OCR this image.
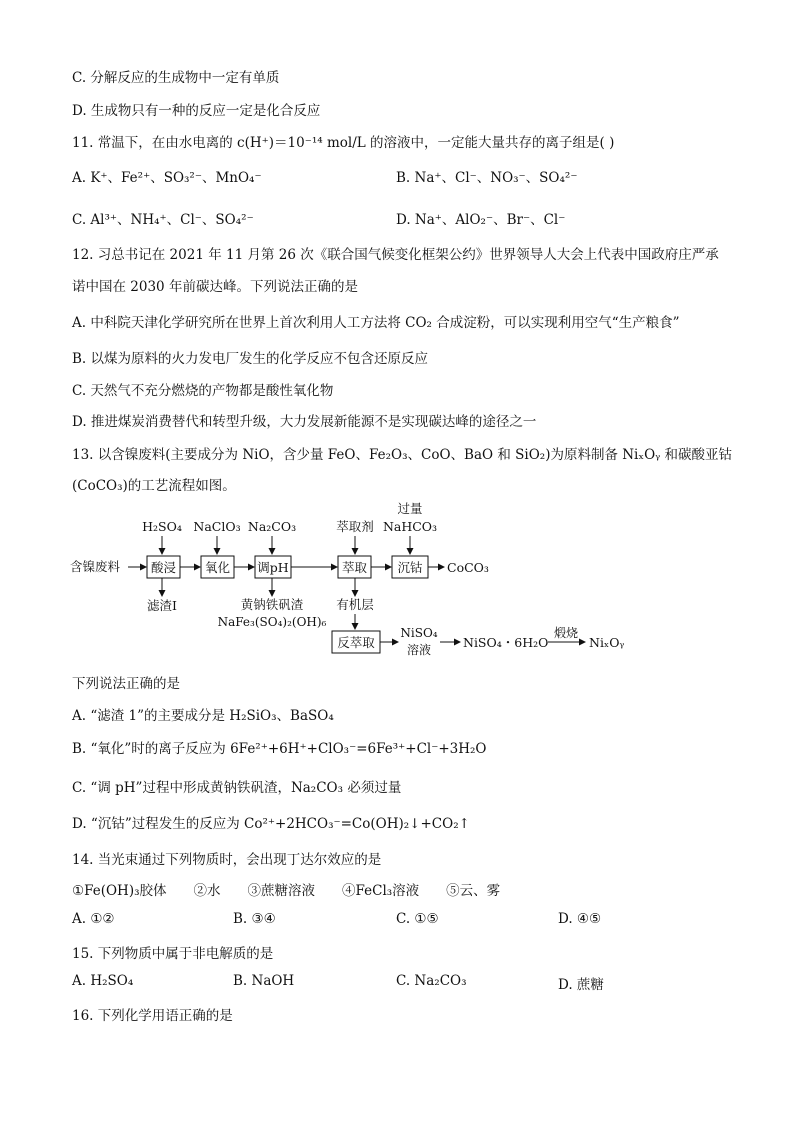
C. 分解反应的生成物中一定有单质
D. 生成物只有一种的反应一定是化合反应
11. 常温下，在由水电离的 c(H⁺)＝10⁻¹⁴ mol/L 的溶液中，一定能大量共存的离子组是( )
A. K⁺、Fe²⁺、SO₃²⁻、MnO₄⁻	B. Na⁺、Cl⁻、NO₃⁻、SO₄²⁻
C. Al³⁺、NH₄⁺、Cl⁻、SO₄²⁻	D. Na⁺、AlO₂⁻、Br⁻、Cl⁻
12. 习总书记在 2021 年 11 月第 26 次《联合国气候变化框架公约》世界领导人大会上代表中国政府庄严承
诺中国在 2030 年前碳达峰。下列说法正确的是
A. 中科院天津化学研究所在世界上首次利用人工方法将 CO₂ 合成淀粉，可以实现利用空气“生产粮食”
B. 以煤为原料的火力发电厂发生的化学反应不包含还原反应
C. 天然气不充分燃烧的产物都是酸性氧化物
D. 推进煤炭消费替代和转型升级，大力发展新能源不是实现碳达峰的途径之一
13. 以含镍废料(主要成分为 NiO，含少量 FeO、Fe₂O₃、CoO、BaO 和 SiO₂)为原料制备 NiₓOᵧ 和碳酸亚钴
(CoCO₃)的工艺流程如图。
H₂SO₄ NaClO₃ Na₂CO₃	萃取剂
过量
NaHCO₃
含镍废料 酸浸 氧化 调pH	萃取 沉钴 CoCO₃
滤渣Ⅰ	黄钠铁矾渣
NaFe₃(SO₄)₂(OH)₆
有机层
反萃取
NiSO₄
溶液	NiSO₄・6H₂O
煅烧
NiₓOᵧ
下列说法正确的是
A. “滤渣 1”的主要成分是 H₂SiO₃、BaSO₄
B. “氧化”时的离子反应为 6Fe²⁺+6H⁺+ClO₃⁻=6Fe³⁺+Cl⁻+3H₂O
C. “调 pH”过程中形成黄钠铁矾渣，Na₂CO₃ 必须过量
D. “沉钴”过程发生的反应为 Co²⁺+2HCO₃⁻=Co(OH)₂↓+CO₂↑
14. 当光束通过下列物质时，会出现丁达尔效应的是
①Fe(OH)₃胶体　　②水　　③蔗糖溶液　　④FeCl₃溶液　　⑤云、雾
A. ①②	B. ③④	C. ①⑤	D. ④⑤
15. 下列物质中属于非电解质的是
A. H₂SO₄	B. NaOH	C. Na₂CO₃	D. 蔗糖
16. 下列化学用语正确的是
